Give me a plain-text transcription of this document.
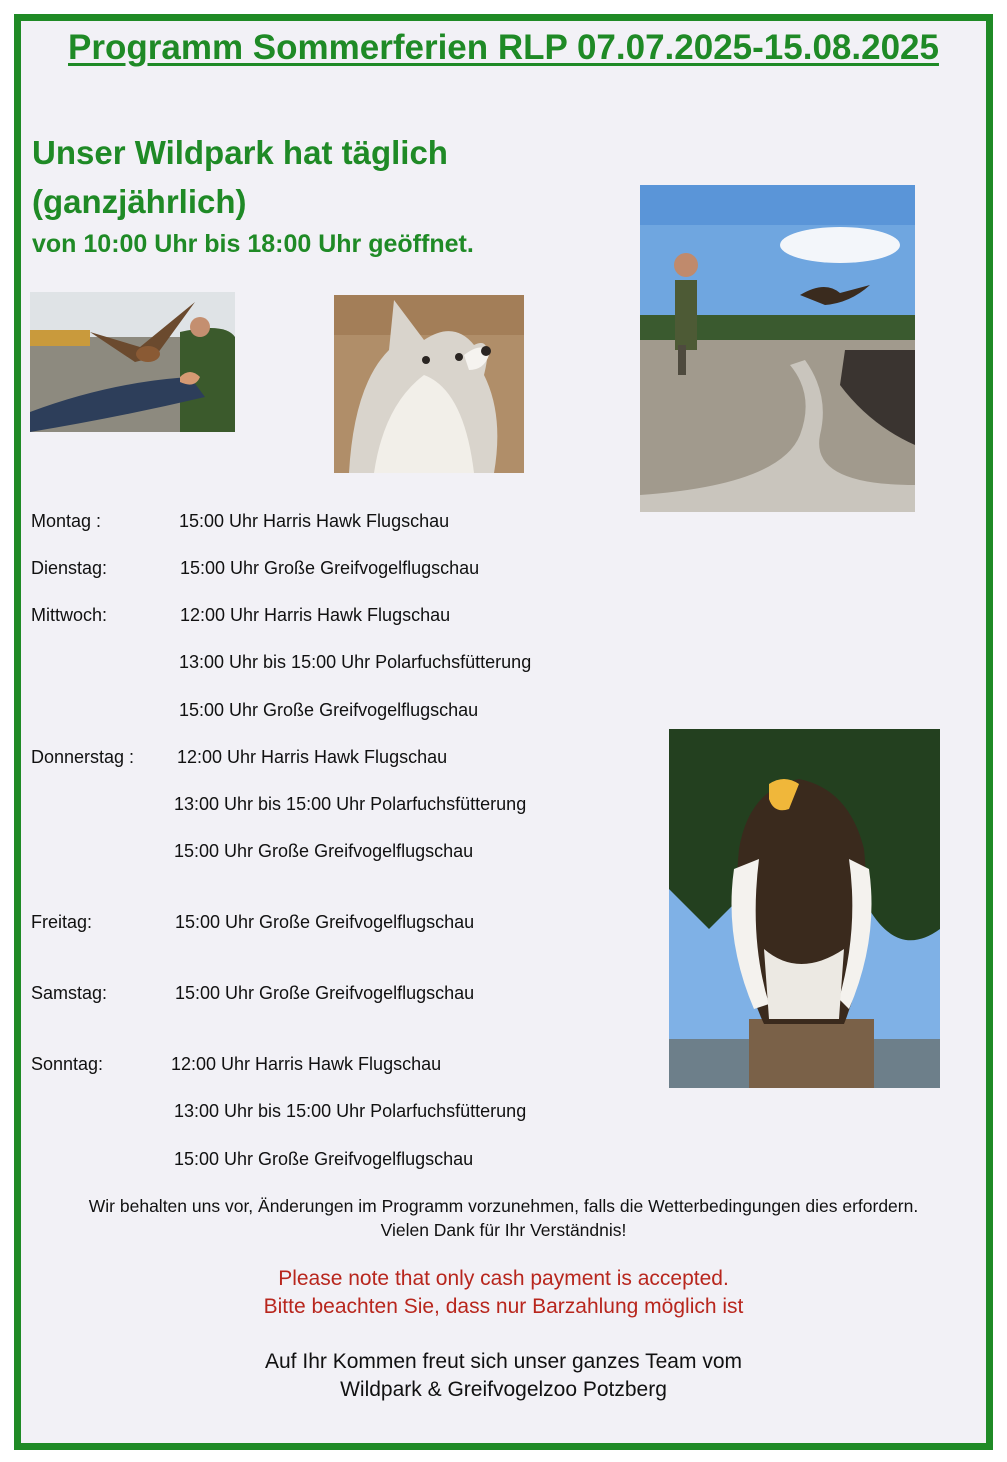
Programm Sommerferien RLP 07.07.2025-15.08.2025
Unser Wildpark hat täglich
(ganzjährlich)
von 10:00 Uhr bis 18:00 Uhr geöffnet.
Montag :	15:00 Uhr Harris Hawk Flugschau
Dienstag:	15:00 Uhr Große Greifvogelflugschau
Mittwoch:	12:00 Uhr Harris Hawk Flugschau
13:00 Uhr bis 15:00 Uhr Polarfuchsfütterung
15:00 Uhr Große Greifvogelflugschau
Donnerstag : 12:00 Uhr Harris Hawk Flugschau
13:00 Uhr bis 15:00 Uhr Polarfuchsfütterung
15:00 Uhr Große Greifvogelflugschau
Freitag:	15:00 Uhr Große Greifvogelflugschau
Samstag:	15:00 Uhr Große Greifvogelflugschau
Sonntag:	12:00 Uhr Harris Hawk Flugschau
13:00 Uhr bis 15:00 Uhr Polarfuchsfütterung
15:00 Uhr Große Greifvogelflugschau
Wir behalten uns vor, Änderungen im Programm vorzunehmen, falls die Wetterbedingungen dies erfordern.
Vielen Dank für Ihr Verständnis!
Please note that only cash payment is accepted.
Bitte beachten Sie, dass nur Barzahlung möglich ist
Auf Ihr Kommen freut sich unser ganzes Team vom
Wildpark & Greifvogelzoo Potzberg
